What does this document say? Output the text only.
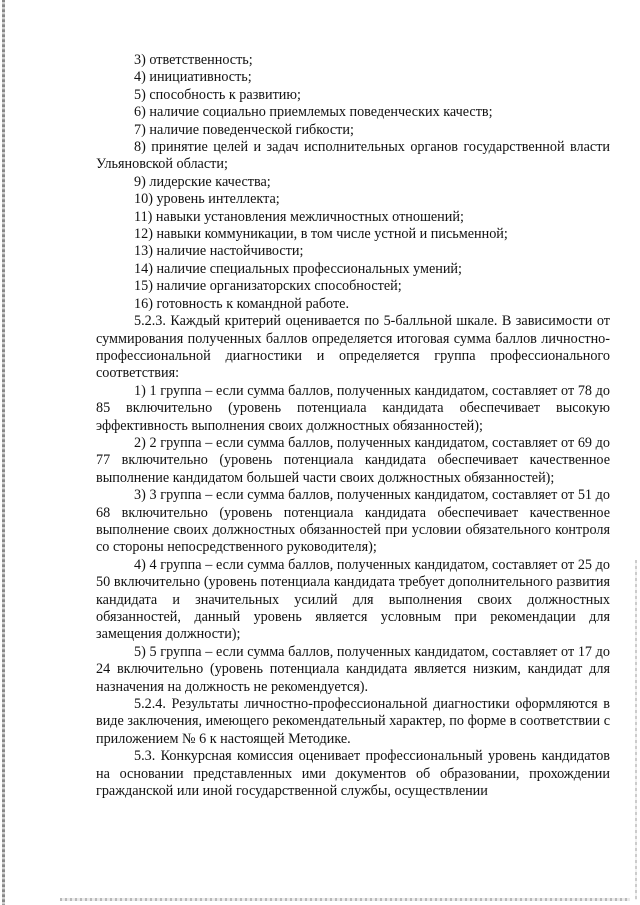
3) ответственность;

4) инициативность;

5) способность к развитию;

6) наличие социально приемлемых поведенческих качеств;

7) наличие поведенческой гибкости;

8) принятие целей и задач исполнительных органов государственной власти Ульяновской области;

9) лидерские качества;

10) уровень интеллекта;

11) навыки установления межличностных отношений;

12) навыки коммуникации, в том числе устной и письменной;

13) наличие настойчивости;

14) наличие специальных профессиональных умений;

15) наличие организаторских способностей;

16) готовность к командной работе.

5.2.3. Каждый критерий оценивается по 5-балльной шкале. В зависимости от суммирования полученных баллов определяется итоговая сумма баллов личностно-профессиональной диагностики и определяется группа профессионального соответствия:

1) 1 группа – если сумма баллов, полученных кандидатом, составляет от 78 до 85 включительно (уровень потенциала кандидата обеспечивает высокую эффективность выполнения своих должностных обязанностей);

2) 2 группа – если сумма баллов, полученных кандидатом, составляет от 69 до 77 включительно (уровень потенциала кандидата обеспечивает качественное выполнение кандидатом большей части своих должностных обязанностей);

3) 3 группа – если сумма баллов, полученных кандидатом, составляет от 51 до 68 включительно (уровень потенциала кандидата обеспечивает качественное выполнение своих должностных обязанностей при условии обязательного контроля со стороны непосредственного руководителя);

4) 4 группа – если сумма баллов, полученных кандидатом, составляет от 25 до 50 включительно (уровень потенциала кандидата требует дополнительного развития кандидата и значительных усилий для выполнения своих должностных обязанностей, данный уровень является условным при рекомендации для замещения должности);

5) 5 группа – если сумма баллов, полученных кандидатом, составляет от 17 до 24 включительно (уровень потенциала кандидата является низким, кандидат для назначения на должность не рекомендуется).

5.2.4. Результаты личностно-профессиональной диагностики оформляются в виде заключения, имеющего рекомендательный характер, по форме в соответствии с приложением № 6 к настоящей Методике.

5.3. Конкурсная комиссия оценивает профессиональный уровень кандидатов на основании представленных ими документов об образовании, прохождении гражданской или иной государственной службы, осуществлении
